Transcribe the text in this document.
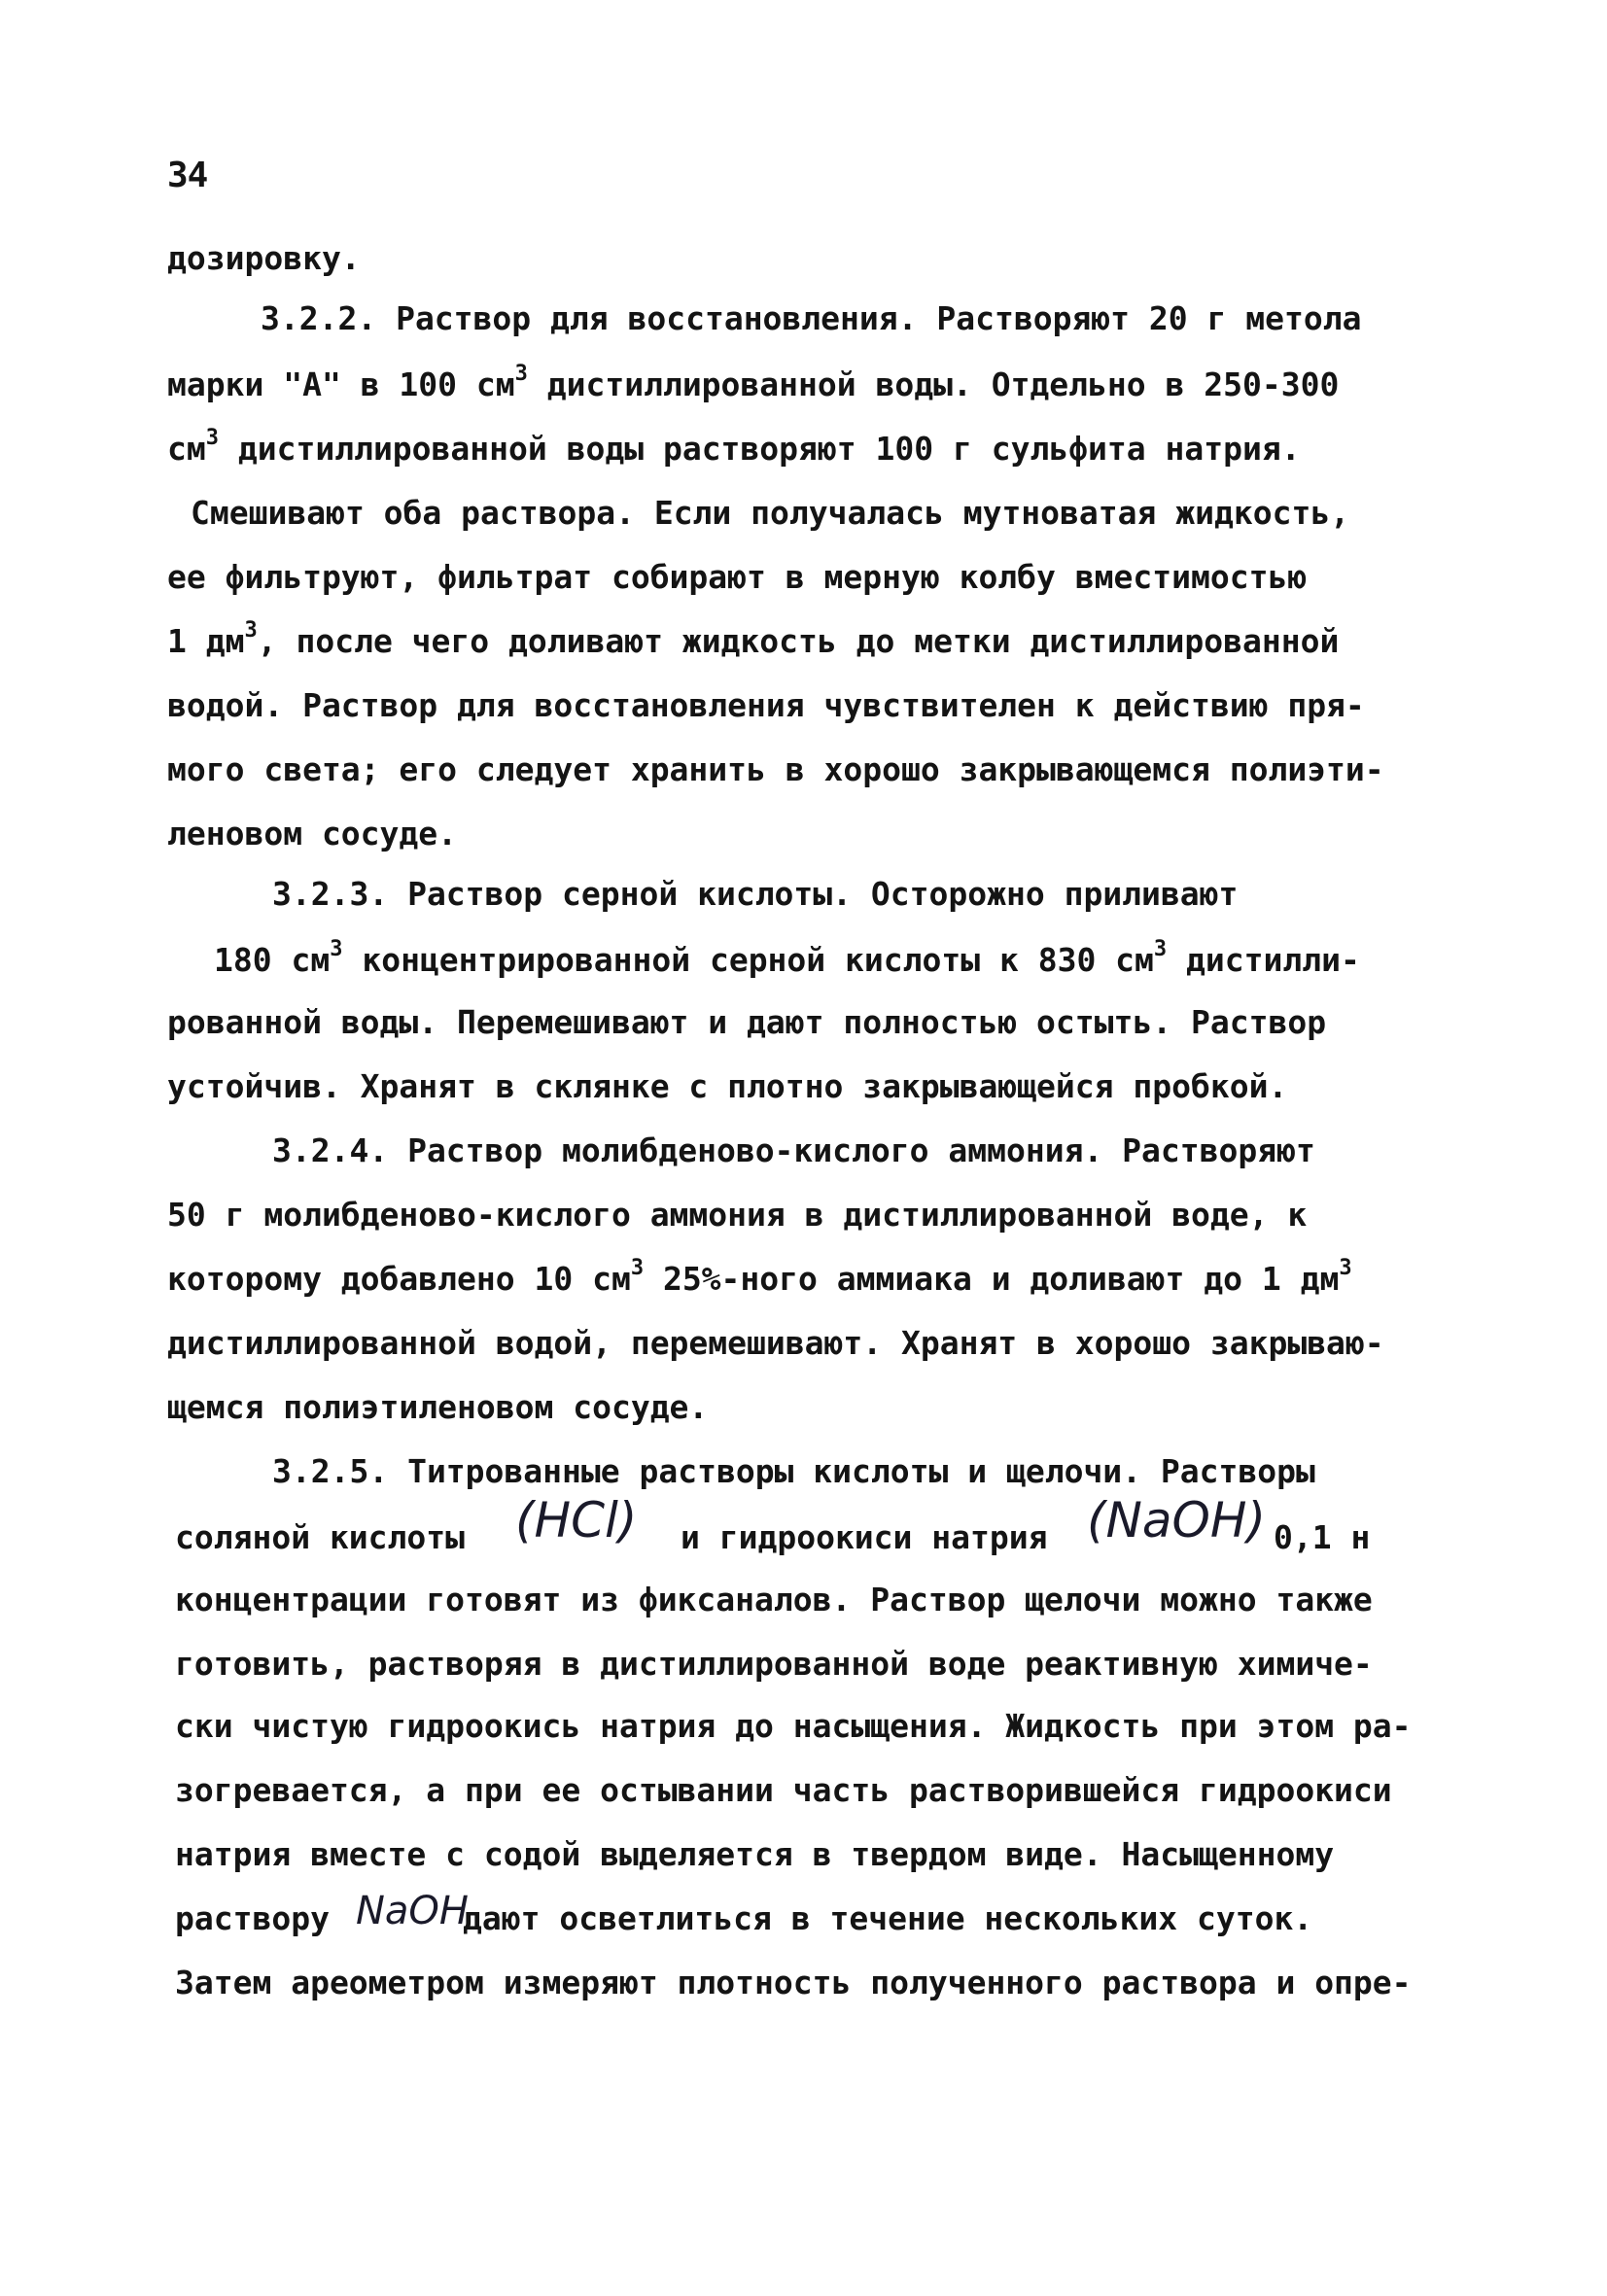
34
дозировку.
3.2.2. Раствор для восстановления. Растворяют 20 г метола
марки "А" в 100 $см^3$ дистиллированной воды. Отдельно в 250-300
$см^3$ дистиллированной воды растворяют 100 г сульфита натрия.
Смешивают оба раствора. Если получалась мутноватая жидкость,
ее фильтруют, фильтрат собирают в мерную колбу вместимостью
1 $дм^3$, после чего доливают жидкость до метки дистиллированной
водой. Раствор для восстановления чувствителен к действию пря-
мого света; его следует хранить в хорошо закрывающемся полиэти-
леновом сосуде.
3.2.3. Раствор серной кислоты. Осторожно приливают
180 $см^3$ концентрированной серной кислоты к 830 $см^3$ дистилли-
рованной воды. Перемешивают и дают полностью остыть. Раствор
устойчив. Хранят в склянке с плотно закрывающейся пробкой.
3.2.4. Раствор молибденово-кислого аммония. Растворяют
50 г молибденово-кислого аммония в дистиллированной воде, к
которому добавлено 10 $см^3$ 25%-ного аммиака и доливают до 1 $дм^3$
дистиллированной водой, перемешивают. Хранят в хорошо закрываю-
щемся полиэтиленовом сосуде.
3.2.5. Титрованные растворы кислоты и щелочи. Растворы
соляной кислоты (HCl) и гидроокиси натрия (NaOH) 0,1 н
концентрации готовят из фиксаналов. Раствор щелочи можно также
готовить, растворяя в дистиллированной воде реактивную химиче-
ски чистую гидроокись натрия до насыщения. Жидкость при этом ра-
зогревается, а при ее остывании часть растворившейся гидроокиси
натрия вместе с содой выделяется в твердом виде. Насыщенному
раствору NaOH
дают осветлиться в течение нескольких суток.
Затем ареометром измеряют плотность полученного раствора и опре-
